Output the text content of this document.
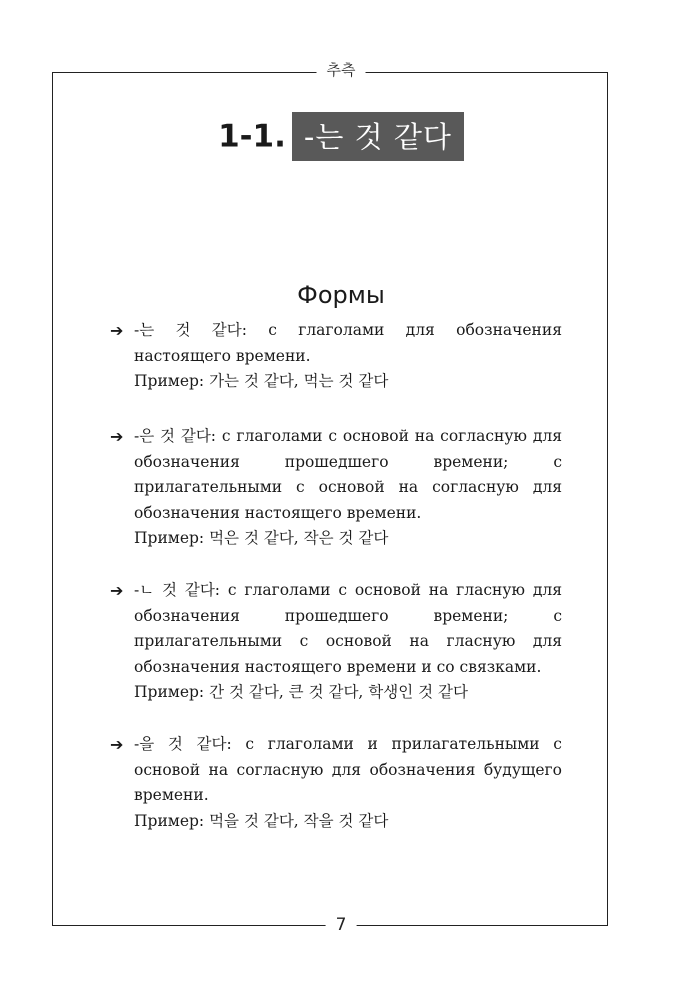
추측
1-1. -는 것 같다
Формы
➔ -는 것 같다: с глаголами для обозначения настоящего времени.
Пример: 가는 것 같다, 먹는 것 같다
➔ -은 것 같다: с глаголами с основой на согласную для обозначения прошедшего времени; с прилагательными с основой на согласную для обозначения настоящего времени.
Пример: 먹은 것 같다, 작은 것 같다
➔ -ㄴ 것 같다: с глаголами с основой на гласную для обозначения прошедшего времени; с прилагательными с основой на гласную для обозначения настоящего времени и со связками.
Пример: 간 것 같다, 큰 것 같다, 학생인 것 같다
➔ -을 것 같다: с глаголами и прилагательными с основой на согласную для обозначения будущего времени.
Пример: 먹을 것 같다, 작을 것 같다
7
